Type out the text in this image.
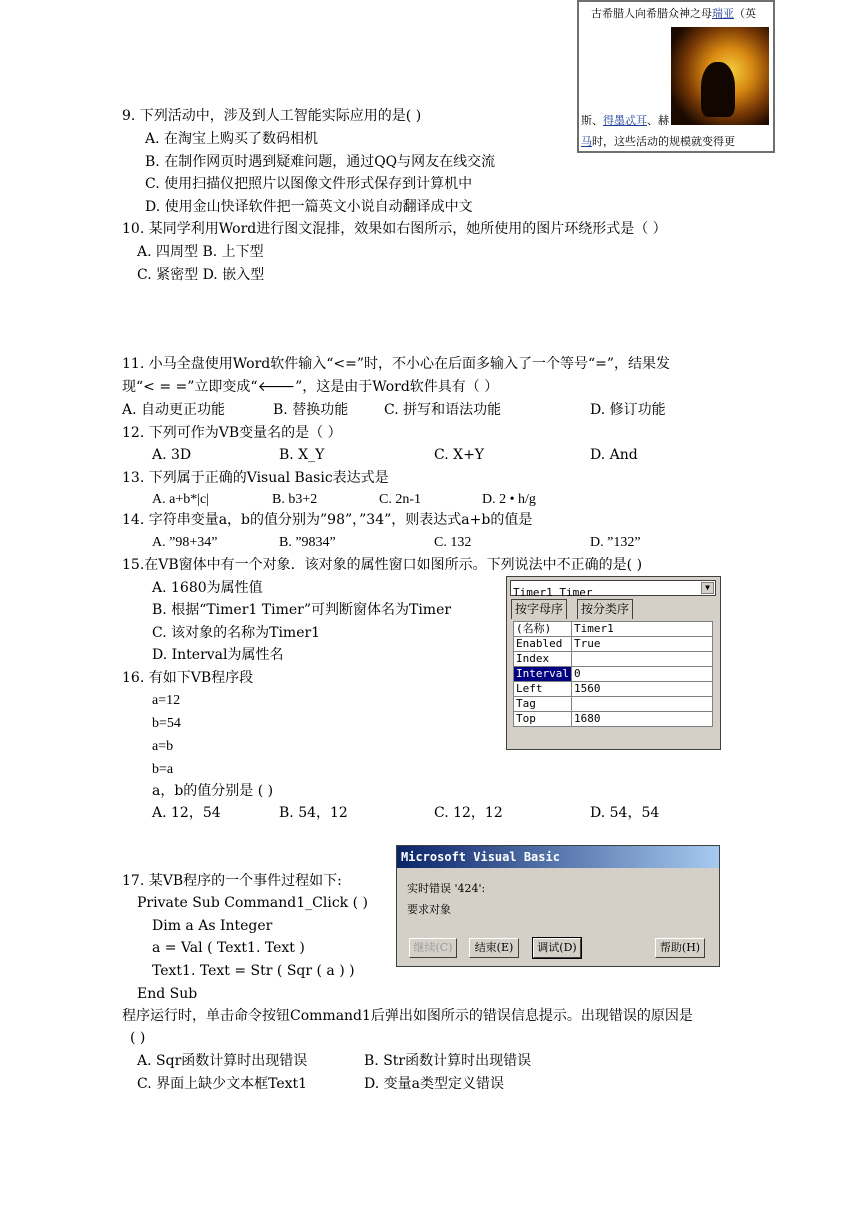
古希腊人向希腊众神之母瑞亚（英
斯、得墨忒耳、赫
马时，这些活动的规模就变得更
9. 下列活动中，涉及到人工智能实际应用的是( )
A. 在淘宝上购买了数码相机
B. 在制作网页时遇到疑难问题，通过QQ与网友在线交流
C. 使用扫描仪把照片以图像文件形式保存到计算机中
D. 使用金山快译软件把一篇英文小说自动翻译成中文
10. 某同学利用Word进行图文混排，效果如右图所示，她所使用的图片环绕形式是（ ）
A. 四周型 B. 上下型
C. 紧密型 D. 嵌入型
11. 小马全盘使用Word软件输入“<=”时，不小心在后面多输入了一个等号“=”，结果发
现“< = =”立即变成“🡐”，这是由于Word软件具有（ ）
A. 自动更正功能	B. 替换功能	C. 拼写和语法功能	D. 修订功能
12. 下列可作为VB变量名的是（ ）
A. 3D	B. X_Y	C. X+Y	D. And
13. 下列属于正确的Visual Basic表达式是
A. a+b*|c|	B. b3+2	C. 2n-1	D. 2 • h/g
14. 字符串变量a，b的值分别为”98”，”34”，则表达式a+b的值是
A. ”98+34”	B. ”9834”	C. 132	D. ”132”
15.在VB窗体中有一个对象．该对象的属性窗口如图所示。下列说法中不正确的是( )
A. 1680为属性值
B. 根据“Timer1 Timer”可判断窗体名为Timer
C. 该对象的名称为Timer1
D. Interval为属性名
Timer1 Timer	▼
按字母序	按分类序
(名称)	Timer1
Enabled	True
Index	
Interval	0
Left	1560
Tag	
Top	1680
16. 有如下VB程序段
a=12
b=54
a=b
b=a
a，b的值分别是 ( )
A. 12，54	B. 54，12	C. 12，12	D. 54，54
Microsoft Visual Basic
实时错误 '424':
要求对象
继续(C)	结束(E)	调试(D)	帮助(H)
17. 某VB程序的一个事件过程如下:
Private Sub Command1_Click ( )
Dim a As Integer
a = Val ( Text1. Text )
Text1. Text = Str ( Sqr ( a ) )
End Sub
程序运行时，单击命令按钮Command1后弹出如图所示的错误信息提示。出现错误的原因是
( )
A. Sqr函数计算时出现错误	B. Str函数计算时出现错误
C. 界面上缺少文本框Text1	D. 变量a类型定义错误
